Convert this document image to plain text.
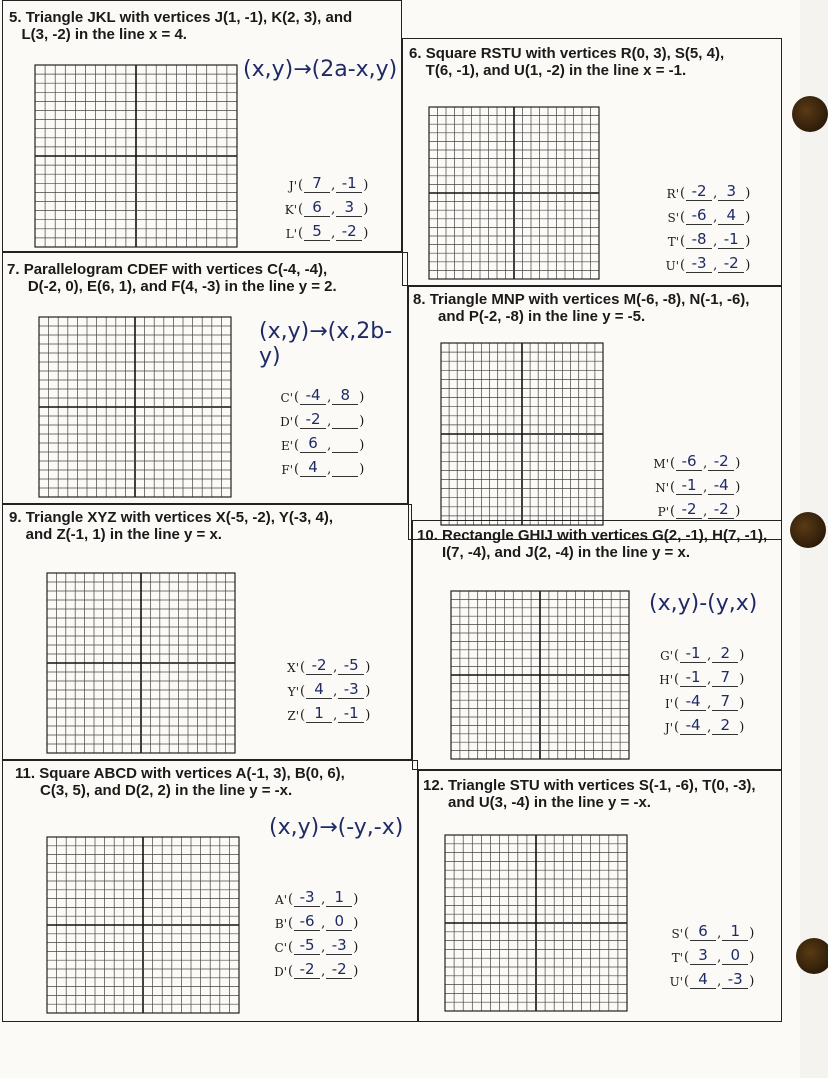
5. Triangle JKL with vertices J(1, -1), K(2, 3), and
L(3, -2) in the line x = 4.
(x,y)→(2a-x,y)
J' ( 7 , -1 )
K' ( 6 , 3 )
L' ( 5 , -2 )
6. Square RSTU with vertices R(0, 3), S(5, 4),
T(6, -1), and U(1, -2) in the line x = -1.
R' ( -2 , 3 )
S' ( -6 , 4 )
T' ( -8 , -1 )
U' ( -3 , -2 )
7. Parallelogram CDEF with vertices C(-4, -4),
D(-2, 0), E(6, 1), and F(4, -3) in the line y = 2.
(x,y)→(x,2b-y)
C' ( -4 , 8 )
D' ( -2 , )
E' ( 6 , )
F' ( 4 , )
8. Triangle MNP with vertices M(-6, -8), N(-1, -6),
and P(-2, -8) in the line y = -5.
M' ( -6 , -2 )
N' ( -1 , -4 )
P' ( -2 , -2 )
9. Triangle XYZ with vertices X(-5, -2), Y(-3, 4),
and Z(-1, 1) in the line y = x.
X' ( -2 , -5 )
Y' ( 4 , -3 )
Z' ( 1 , -1 )
10. Rectangle GHIJ with vertices G(2, -1), H(7, -1),
I(7, -4), and J(2, -4) in the line y = x.
(x,y)-(y,x)
G' ( -1 , 2 )
H' ( -1 , 7 )
I' ( -4 , 7 )
J' ( -4 , 2 )
11. Square ABCD with vertices A(-1, 3), B(0, 6),
C(3, 5), and D(2, 2) in the line y = -x.
(x,y)→(-y,-x)
A' ( -3 , 1 )
B' ( -6 , 0 )
C' ( -5 , -3 )
D' ( -2 , -2 )
12. Triangle STU with vertices S(-1, -6), T(0, -3),
and U(3, -4) in the line y = -x.
S' ( 6 , 1 )
T' ( 3 , 0 )
U' ( 4 , -3 )
